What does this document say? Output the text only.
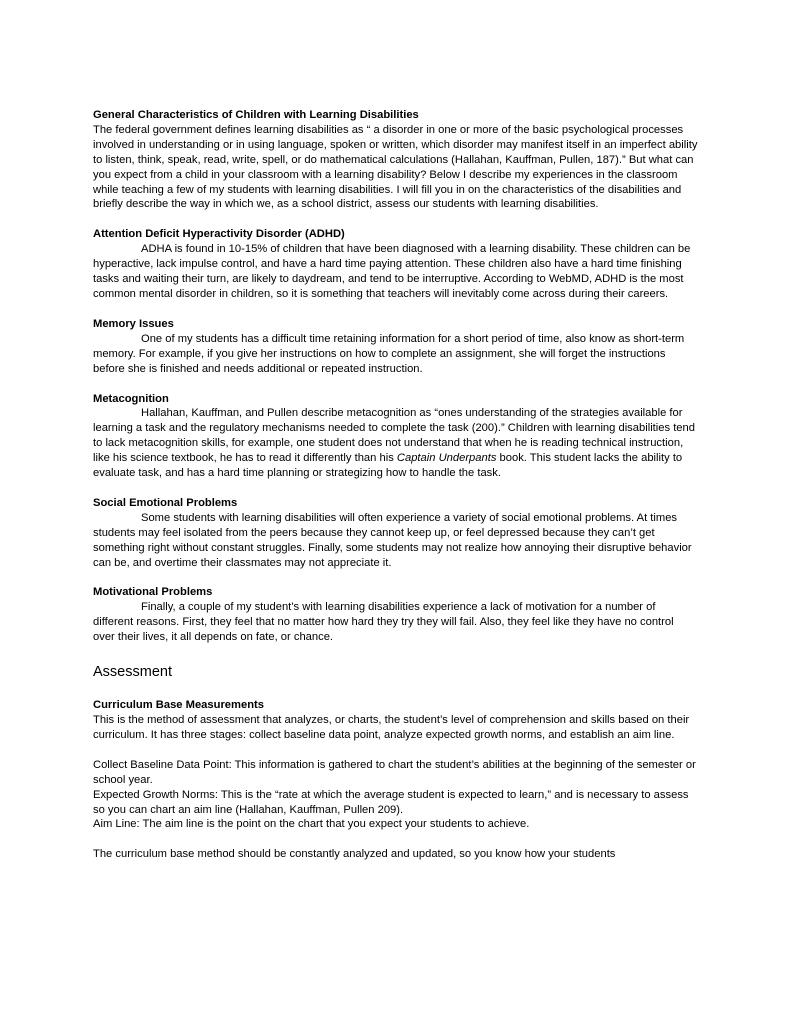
General Characteristics of Children with Learning Disabilities

The federal government defines learning disabilities as “ a disorder in one or more of the basic psychological processes involved in understanding or in using language, spoken or written, which disorder may manifest itself in an imperfect ability to listen, think, speak, read, write, spell, or do mathematical calculations (Hallahan, Kauffman, Pullen, 187).” But what can you expect from a child in your classroom with a learning disability? Below I describe my experiences in the classroom while teaching a few of my students with learning disabilities. I will fill you in on the characteristics of the disabilities and briefly describe the way in which we, as a school district, assess our students with learning disabilities.

Attention Deficit Hyperactivity Disorder (ADHD)

ADHA is found in 10-15% of children that have been diagnosed with a learning disability. These children can be hyperactive, lack impulse control, and have a hard time paying attention. These children also have a hard time finishing tasks and waiting their turn, are likely to daydream, and tend to be interruptive. According to WebMD, ADHD is the most common mental disorder in children, so it is something that teachers will inevitably come across during their careers.

Memory Issues

One of my students has a difficult time retaining information for a short period of time, also know as short-term memory. For example, if you give her instructions on how to complete an assignment, she will forget the instructions before she is finished and needs additional or repeated instruction.

Metacognition

Hallahan, Kauffman, and Pullen describe metacognition as “ones understanding of the strategies available for learning a task and the regulatory mechanisms needed to complete the task (200).” Children with learning disabilities tend to lack metacognition skills, for example, one student does not understand that when he is reading technical instruction, like his science textbook, he has to read it differently than his Captain Underpants book. This student lacks the ability to evaluate task, and has a hard time planning or strategizing how to handle the task.

Social Emotional Problems

Some students with learning disabilities will often experience a variety of social emotional problems. At times students may feel isolated from the peers because they cannot keep up, or feel depressed because they can’t get something right without constant struggles. Finally, some students may not realize how annoying their disruptive behavior can be, and overtime their classmates may not appreciate it.

Motivational Problems

Finally, a couple of my student’s with learning disabilities experience a lack of motivation for a number of different reasons. First, they feel that no matter how hard they try they will fail. Also, they feel like they have no control over their lives, it all depends on fate, or chance.

Assessment

Curriculum Base Measurements

This is the method of assessment that analyzes, or charts, the student’s level of comprehension and skills based on their curriculum. It has three stages: collect baseline data point, analyze expected growth norms, and establish an aim line.

Collect Baseline Data Point: This information is gathered to chart the student’s abilities at the beginning of the semester or school year.

Expected Growth Norms: This is the “rate at which the average student is expected to learn,” and is necessary to assess so you can chart an aim line (Hallahan, Kauffman, Pullen 209).

Aim Line: The aim line is the point on the chart that you expect your students to achieve.

The curriculum base method should be constantly analyzed and updated, so you know how your students
